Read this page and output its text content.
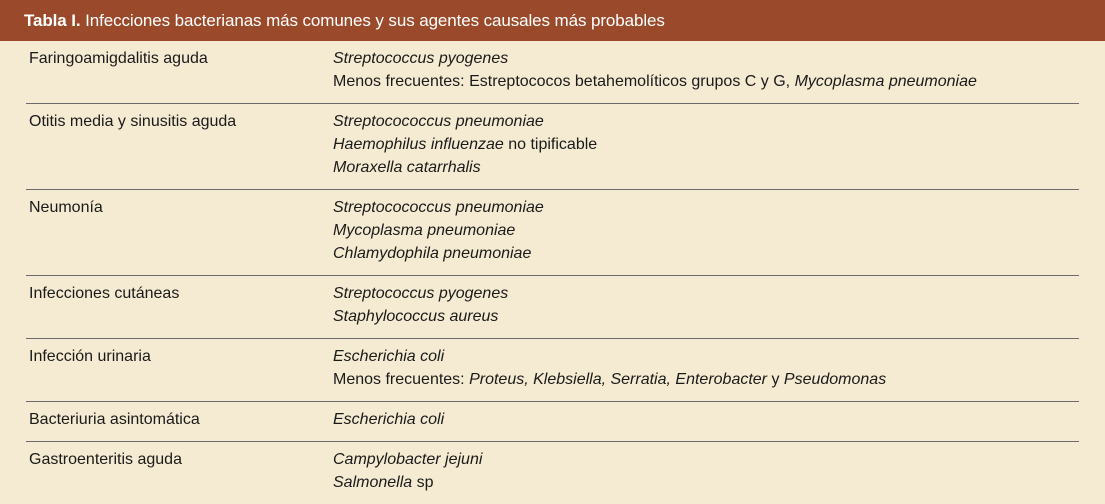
Tabla I. Infecciones bacterianas más comunes y sus agentes causales más probables
Faringoamigdalitis aguda	Streptococcus pyogenes
Menos frecuentes: Estreptococos betahemolíticos grupos C y G, Mycoplasma pneumoniae
Otitis media y sinusitis aguda	Streptocococcus pneumoniae
Haemophilus influenzae no tipificable
Moraxella catarrhalis
Neumonía	Streptocococcus pneumoniae
Mycoplasma pneumoniae
Chlamydophila pneumoniae
Infecciones cutáneas	Streptococcus pyogenes
Staphylococcus aureus
Infección urinaria	Escherichia coli
Menos frecuentes: Proteus, Klebsiella, Serratia, Enterobacter y Pseudomonas
Bacteriuria asintomática	Escherichia coli
Gastroenteritis aguda	Campylobacter jejuni
Salmonella sp
